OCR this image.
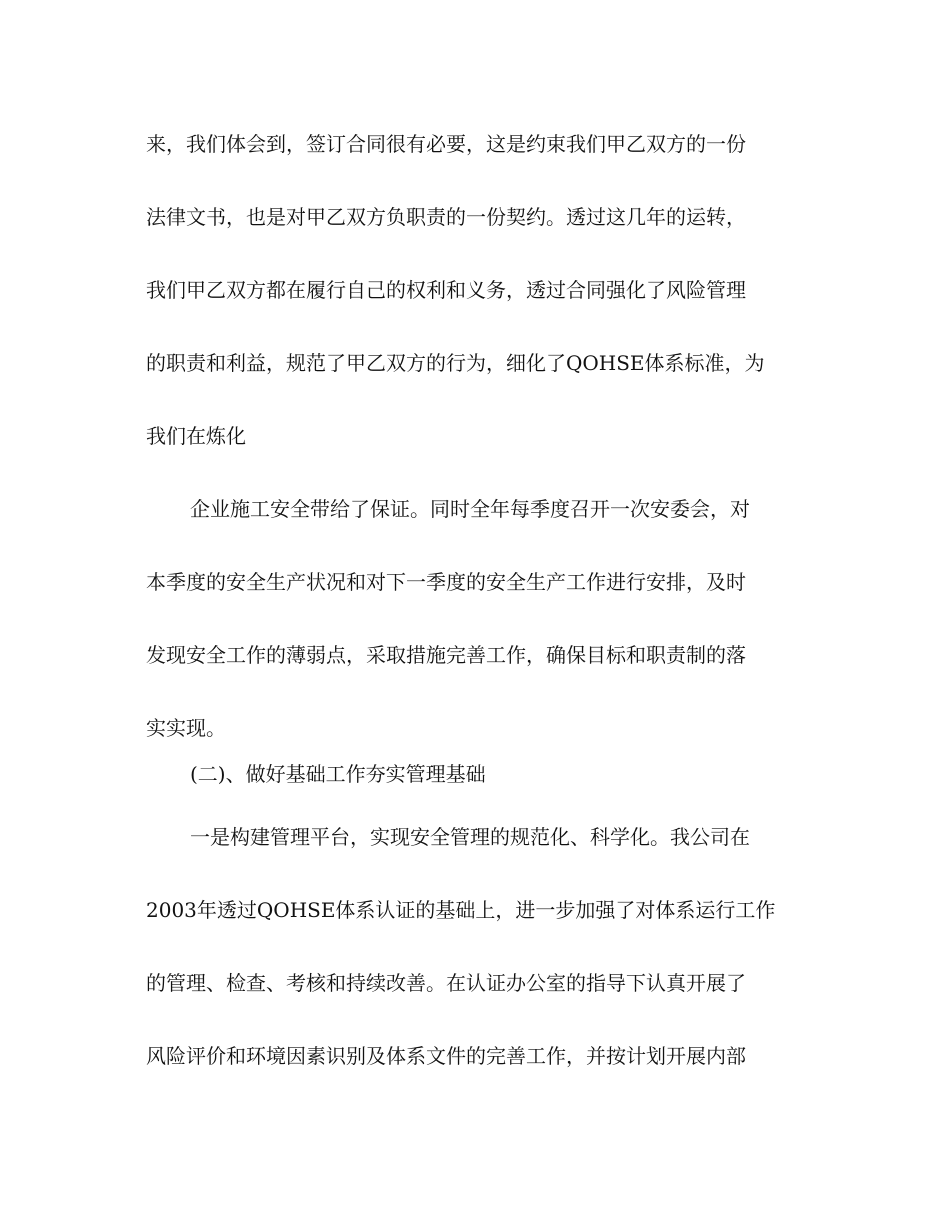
来，我们体会到，签订合同很有必要，这是约束我们甲乙双方的一份
法律文书，也是对甲乙双方负职责的一份契约。透过这几年的运转，
我们甲乙双方都在履行自己的权利和义务，透过合同强化了风险管理
的职责和利益，规范了甲乙双方的行为，细化了QOHSE体系标准，为
我们在炼化
企业施工安全带给了保证。同时全年每季度召开一次安委会，对
本季度的安全生产状况和对下一季度的安全生产工作进行安排，及时
发现安全工作的薄弱点，采取措施完善工作，确保目标和职责制的落
实实现。
(二)、做好基础工作夯实管理基础
一是构建管理平台，实现安全管理的规范化、科学化。我公司在
2003年透过QOHSE体系认证的基础上，进一步加强了对体系运行工作
的管理、检查、考核和持续改善。在认证办公室的指导下认真开展了
风险评价和环境因素识别及体系文件的完善工作，并按计划开展内部
